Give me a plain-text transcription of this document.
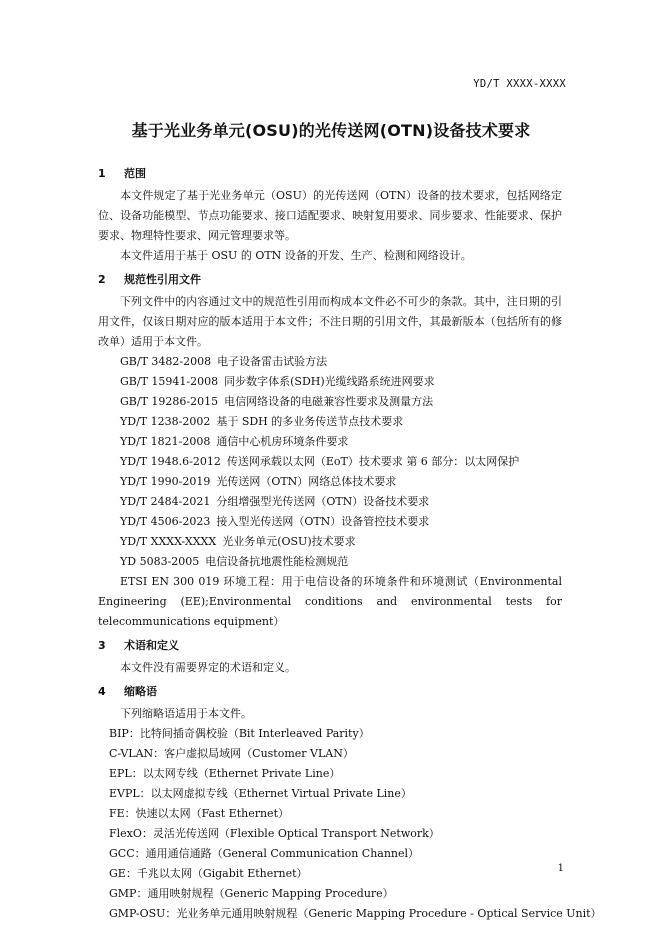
YD/T XXXX-XXXX
基于光业务单元(OSU)的光传送网(OTN)设备技术要求

1 范围

本文件规定了基于光业务单元（OSU）的光传送网（OTN）设备的技术要求，包括网络定位、设备功能模型、节点功能要求、接口适配要求、映射复用要求、同步要求、性能要求、保护要求、物理特性要求、网元管理要求等。

本文件适用于基于 OSU 的 OTN 设备的开发、生产、检测和网络设计。

2 规范性引用文件

下列文件中的内容通过文中的规范性引用而构成本文件必不可少的条款。其中，注日期的引用文件，仅该日期对应的版本适用于本文件；不注日期的引用文件，其最新版本（包括所有的修改单）适用于本文件。

GB/T 3482-2008 电子设备雷击试验方法

GB/T 15941-2008 同步数字体系(SDH)光缆线路系统进网要求

GB/T 19286-2015 电信网络设备的电磁兼容性要求及测量方法

YD/T 1238-2002 基于 SDH 的多业务传送节点技术要求

YD/T 1821-2008 通信中心机房环境条件要求

YD/T 1948.6-2012 传送网承载以太网（EoT）技术要求 第 6 部分：以太网保护

YD/T 1990-2019 光传送网（OTN）网络总体技术要求

YD/T 2484-2021 分组增强型光传送网（OTN）设备技术要求

YD/T 4506-2023 接入型光传送网（OTN）设备管控技术要求

YD/T XXXX-XXXX 光业务单元(OSU)技术要求

YD 5083-2005 电信设备抗地震性能检测规范

ETSI EN 300 019 环境工程：用于电信设备的环境条件和环境测试（Environmental Engineering (EE);Environmental conditions and environmental tests for telecommunications equipment）

3 术语和定义

本文件没有需要界定的术语和定义。

4 缩略语

下列缩略语适用于本文件。

BIP：比特间插奇偶校验（Bit Interleaved Parity）

C-VLAN：客户虚拟局域网（Customer VLAN）

EPL：以太网专线（Ethernet Private Line）

EVPL：以太网虚拟专线（Ethernet Virtual Private Line）

FE：快速以太网（Fast Ethernet）

FlexO：灵活光传送网（Flexible Optical Transport Network）

GCC：通用通信通路（General Communication Channel）

GE：千兆以太网（Gigabit Ethernet）

GMP：通用映射规程（Generic Mapping Procedure）

GMP-OSU：光业务单元通用映射规程（Generic Mapping Procedure - Optical Service Unit）

1
